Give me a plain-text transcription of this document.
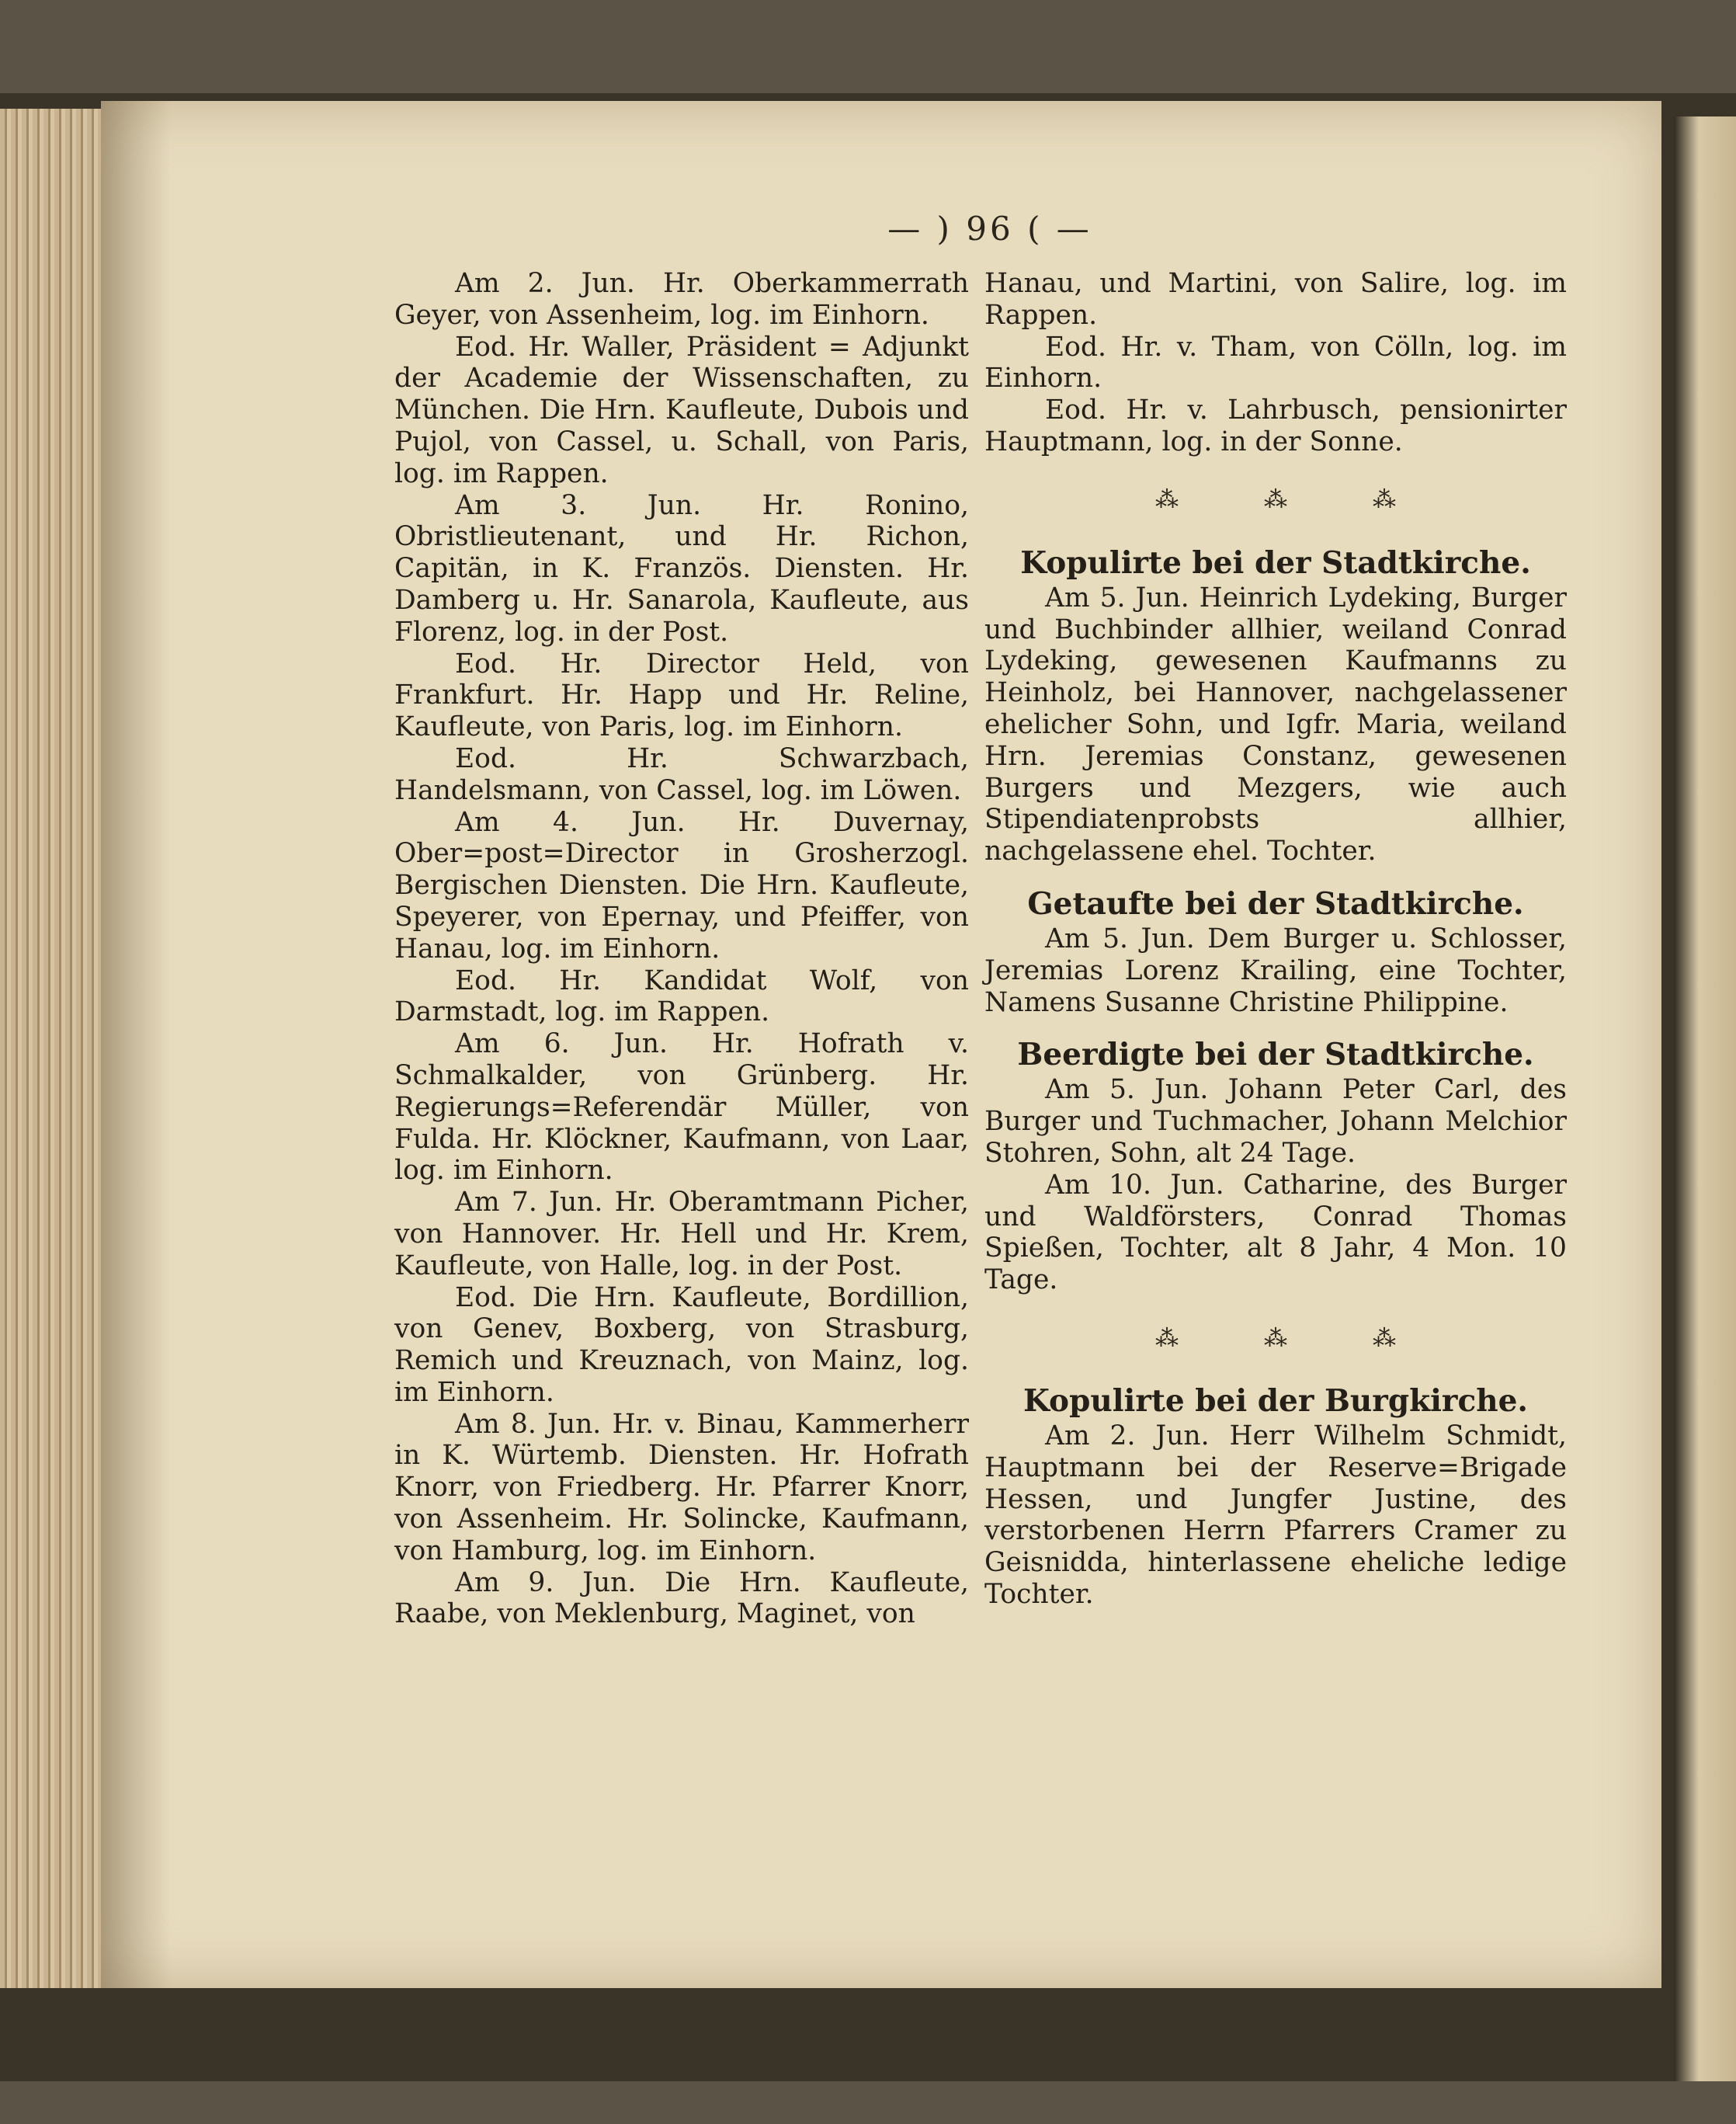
— ) 96 ( —

Am 2. Jun. Hr. Oberkammerrath Geyer, von Assenheim, log. im Einhorn.

Eod. Hr. Waller, Präsident = Adjunkt der Academie der Wissenschaften, zu München. Die Hrn. Kaufleute, Dubois und Pujol, von Cassel, u. Schall, von Paris, log. im Rappen.

Am 3. Jun. Hr. Ronino, Obristlieutenant, und Hr. Richon, Capitän, in K. Französ. Diensten. Hr. Damberg u. Hr. Sanarola, Kaufleute, aus Florenz, log. in der Post.

Eod. Hr. Director Held, von Frankfurt. Hr. Happ und Hr. Reline, Kaufleute, von Paris, log. im Einhorn.

Eod. Hr. Schwarzbach, Handelsmann, von Cassel, log. im Löwen.

Am 4. Jun. Hr. Duvernay, Ober=post=Director in Grosherzogl. Bergischen Diensten. Die Hrn. Kaufleute, Speyerer, von Epernay, und Pfeiffer, von Hanau, log. im Einhorn.

Eod. Hr. Kandidat Wolf, von Darmstadt, log. im Rappen.

Am 6. Jun. Hr. Hofrath v. Schmalkalder, von Grünberg. Hr. Regierungs=Referendär Müller, von Fulda. Hr. Klöckner, Kaufmann, von Laar, log. im Einhorn.

Am 7. Jun. Hr. Oberamtmann Picher, von Hannover. Hr. Hell und Hr. Krem, Kaufleute, von Halle, log. in der Post.

Eod. Die Hrn. Kaufleute, Bordillion, von Genev, Boxberg, von Strasburg, Remich und Kreuznach, von Mainz, log. im Einhorn.

Am 8. Jun. Hr. v. Binau, Kammerherr in K. Würtemb. Diensten. Hr. Hofrath Knorr, von Friedberg. Hr. Pfarrer Knorr, von Assenheim. Hr. Solincke, Kaufmann, von Hamburg, log. im Einhorn.

Am 9. Jun. Die Hrn. Kaufleute, Raabe, von Meklenburg, Maginet, von

Hanau, und Martini, von Salire, log. im Rappen.

Eod. Hr. v. Tham, von Cölln, log. im Einhorn.

Eod. Hr. v. Lahrbusch, pensionirter Hauptmann, log. in der Sonne.

⁂	⁂	⁂

Kopulirte bei der Stadtkirche.

Am 5. Jun. Heinrich Lydeking, Burger und Buchbinder allhier, weiland Conrad Lydeking, gewesenen Kaufmanns zu Heinholz, bei Hannover, nachgelassener ehelicher Sohn, und Igfr. Maria, weiland Hrn. Jeremias Constanz, gewesenen Burgers und Mezgers, wie auch Stipendiatenprobsts allhier, nachgelassene ehel. Tochter.

Getaufte bei der Stadtkirche.

Am 5. Jun. Dem Burger u. Schlosser, Jeremias Lorenz Krailing, eine Tochter, Namens Susanne Christine Philippine.

Beerdigte bei der Stadtkirche.

Am 5. Jun. Johann Peter Carl, des Burger und Tuchmacher, Johann Melchior Stohren, Sohn, alt 24 Tage.

Am 10. Jun. Catharine, des Burger und Waldförsters, Conrad Thomas Spießen, Tochter, alt 8 Jahr, 4 Mon. 10 Tage.

⁂	⁂	⁂

Kopulirte bei der Burgkirche.

Am 2. Jun. Herr Wilhelm Schmidt, Hauptmann bei der Reserve=Brigade Hessen, und Jungfer Justine, des verstorbenen Herrn Pfarrers Cramer zu Geisnidda, hinterlassene eheliche ledige Tochter.
